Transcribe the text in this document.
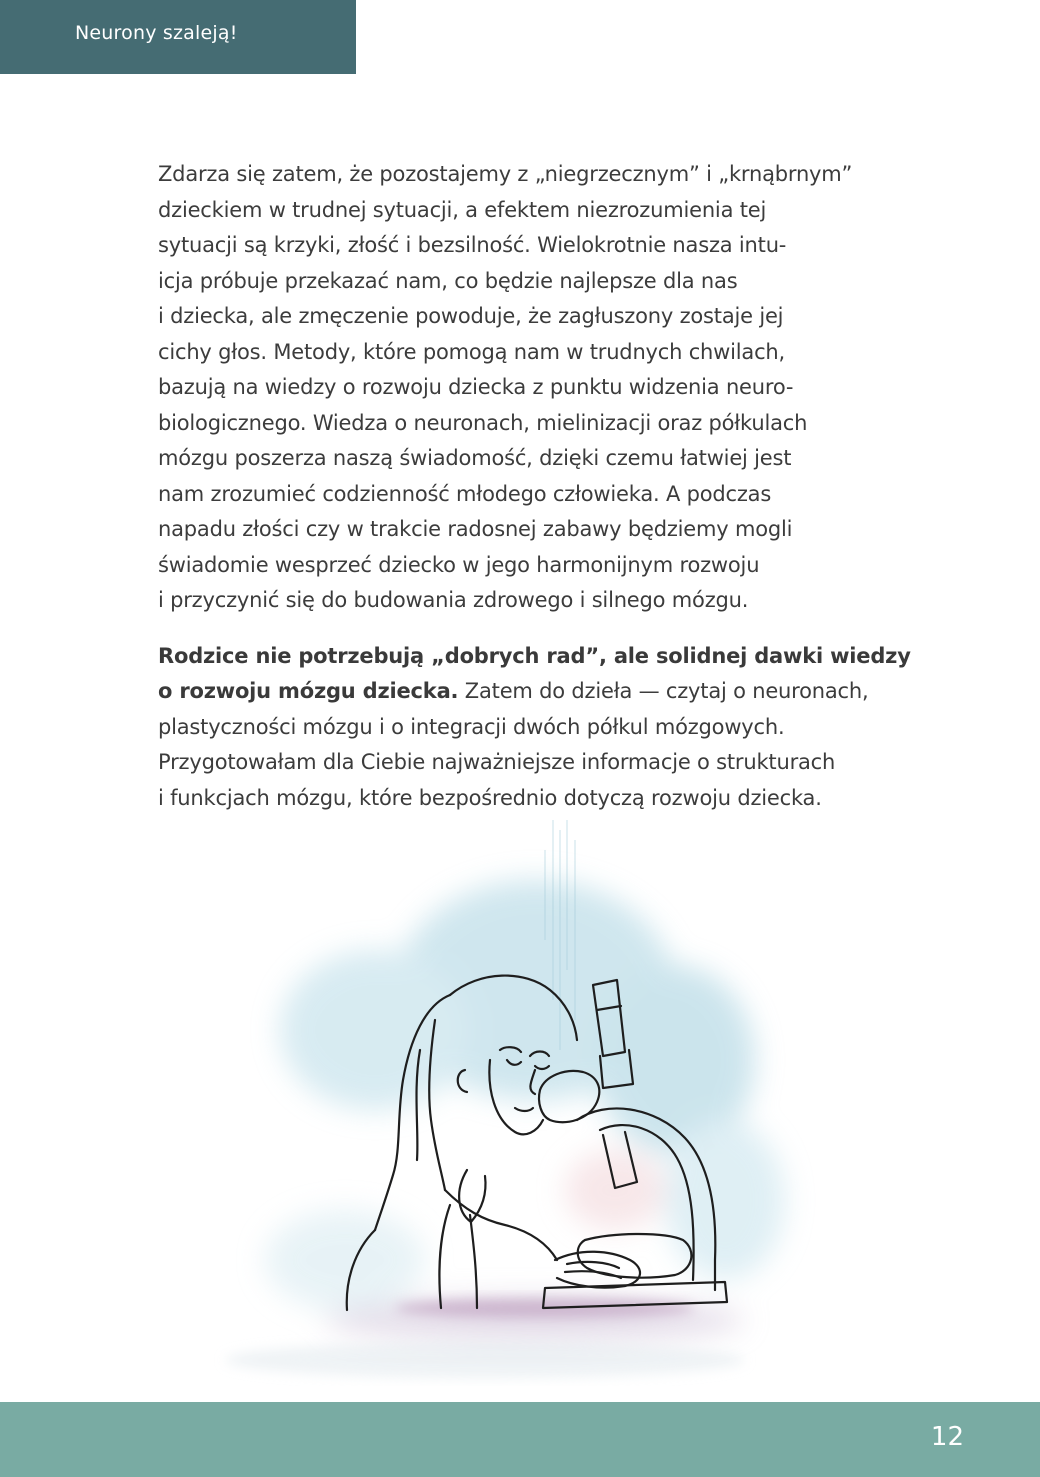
Neurony szaleją!

Zdarza się zatem, że pozostajemy z „niegrzecznym” i „krnąbrnym”
dzieckiem w trudnej sytuacji, a efektem niezrozumienia tej
sytuacji są krzyki, złość i bezsilność. Wielokrotnie nasza intu-
icja próbuje przekazać nam, co będzie najlepsze dla nas
i dziecka, ale zmęczenie powoduje, że zagłuszony zostaje jej
cichy głos. Metody, które pomogą nam w trudnych chwilach,
bazują na wiedzy o rozwoju dziecka z punktu widzenia neuro-
biologicznego. Wiedza o neuronach, mielinizacji oraz półkulach
mózgu poszerza naszą świadomość, dzięki czemu łatwiej jest
nam zrozumieć codzienność młodego człowieka. A podczas
napadu złości czy w trakcie radosnej zabawy będziemy mogli
świadomie wesprzeć dziecko w jego harmonijnym rozwoju
i przyczynić się do budowania zdrowego i silnego mózgu.

Rodzice nie potrzebują „dobrych rad”, ale solidnej dawki wiedzy
o rozwoju mózgu dziecka. Zatem do dzieła — czytaj o neuronach,
plastyczności mózgu i o integracji dwóch półkul mózgowych.
Przygotowałam dla Ciebie najważniejsze informacje o strukturach
i funkcjach mózgu, które bezpośrednio dotyczą rozwoju dziecka.

12
